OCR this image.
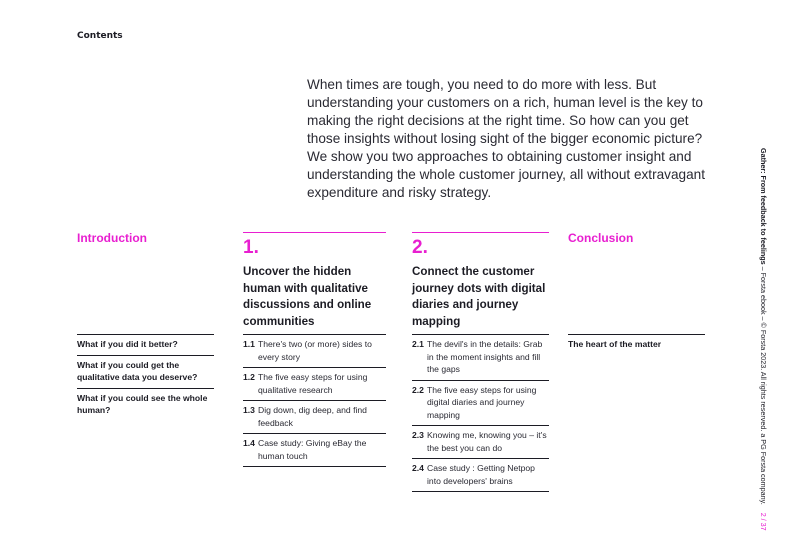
Contents
When times are tough, you need to do more with less. But understanding your customers on a rich, human level is the key to making the right decisions at the right time. So how can you get those insights without losing sight of the bigger economic picture? We show you two approaches to obtaining customer insight and understanding the whole customer journey, all without extravagant expenditure and risky strategy.
Introduction
What if you did it better?
What if you could get the qualitative data you deserve?
What if you could see the whole human?
1.
Uncover the hidden human with qualitative discussions and online communities
1.1 There's two (or more) sides to every story
1.2 The five easy steps for using qualitative research
1.3 Dig down, dig deep, and find feedback
1.4 Case study: Giving eBay the human touch
2.
Connect the customer journey dots with digital diaries and journey mapping
2.1 The devil's in the details: Grab in the moment insights and fill the gaps
2.2 The five easy steps for using digital diaries and journey mapping
2.3 Knowing me, knowing you – it's the best you can do
2.4 Case study : Getting Netpop into developers' brains
Conclusion
The heart of the matter
Gather: From feedback to feelings – Forsta ebook – © Forsta 2023. All rights reserved. a PG Forsta company.2 / 37
